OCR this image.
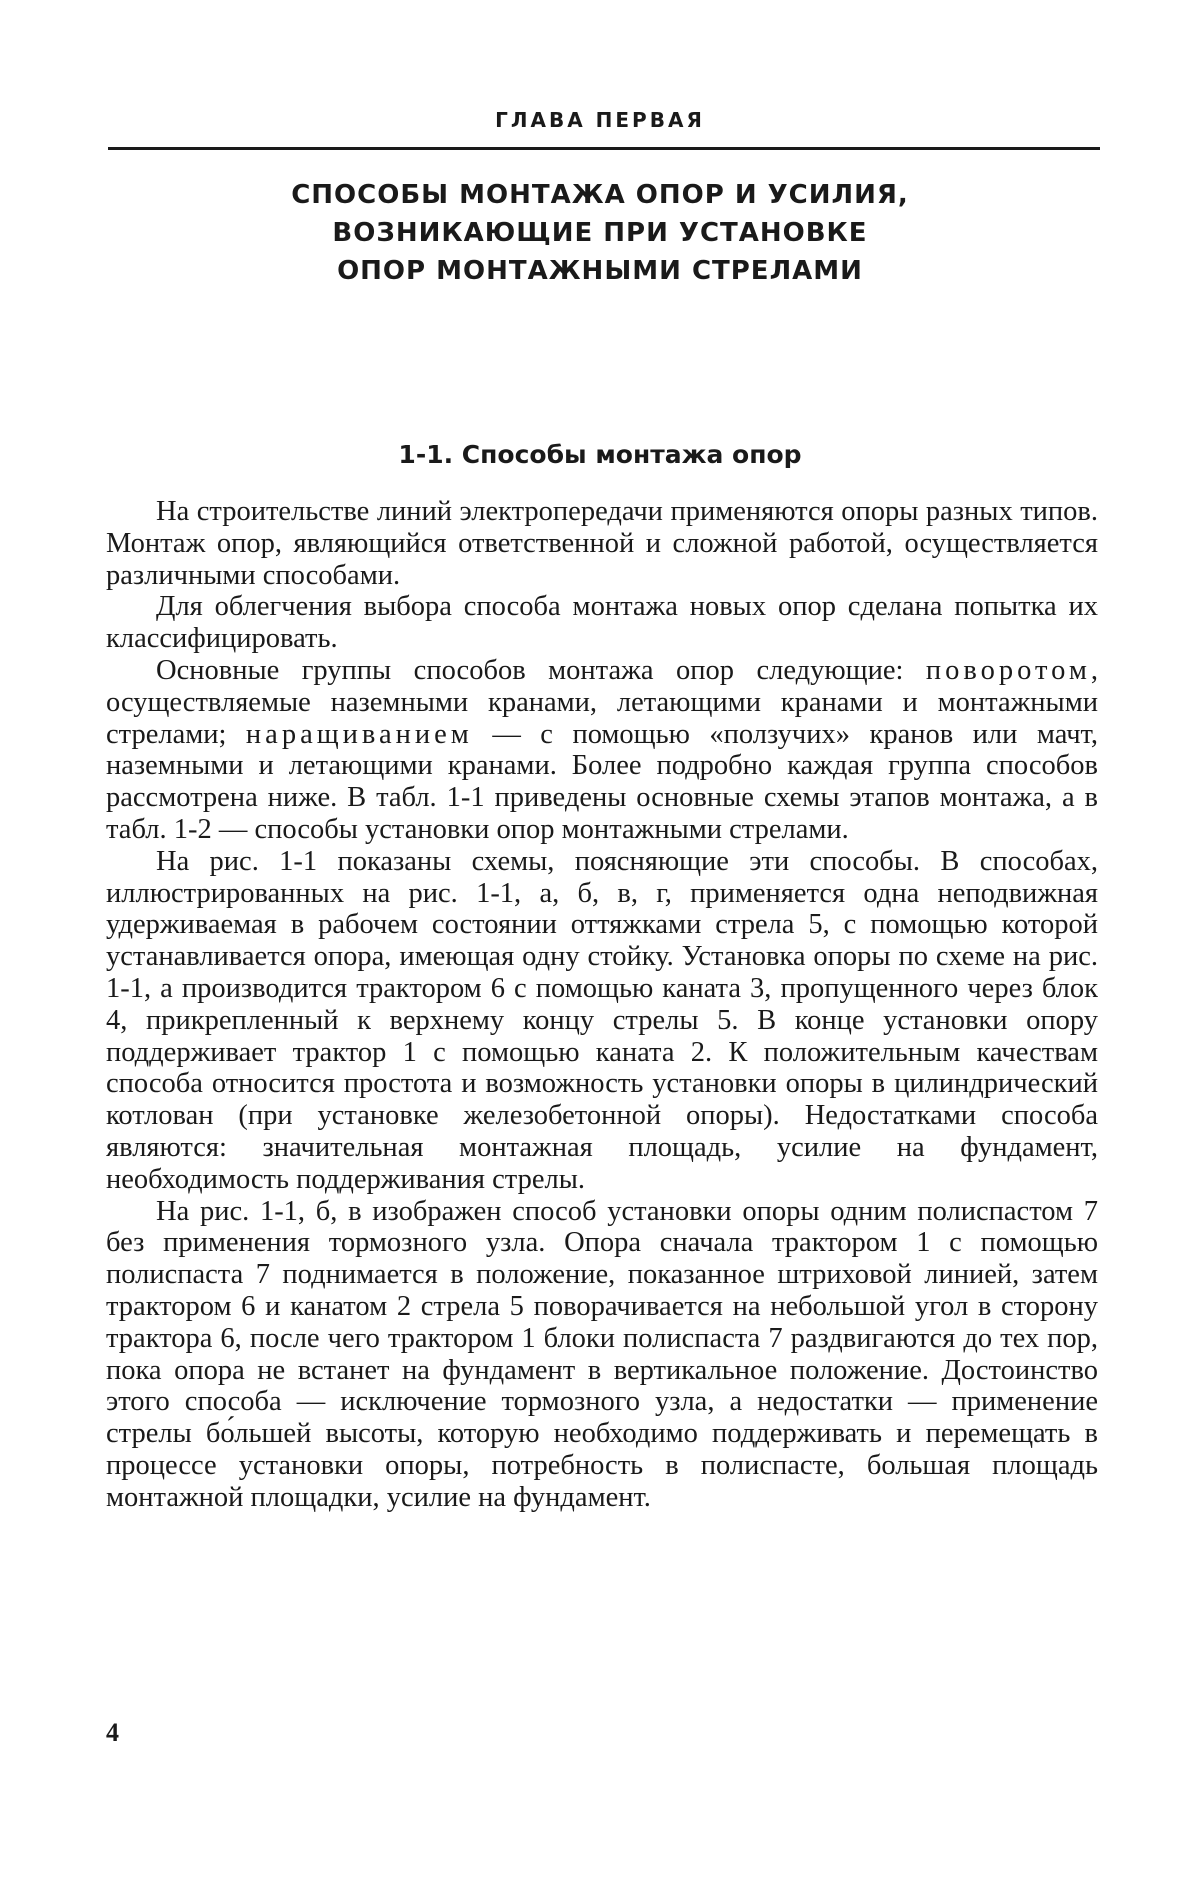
ГЛАВА ПЕРВАЯ
СПОСОБЫ МОНТАЖА ОПОР И УСИЛИЯ,
ВОЗНИКАЮЩИЕ ПРИ УСТАНОВКЕ
ОПОР МОНТАЖНЫМИ СТРЕЛАМИ
1-1. Способы монтажа опор

На строительстве линий электропередачи применяются опоры разных типов. Монтаж опор, являющийся ответственной и сложной работой, осуществляется различными способами.

Для облегчения выбора способа монтажа новых опор сделана попытка их классифицировать.

Основные группы способов монтажа опор следующие: поворотом, осуществляемые наземными кранами, летающими кранами и монтажными стрелами; наращиванием — с помощью «ползучих» кранов или мачт, наземными и летающими кранами. Более подробно каждая группа способов рассмотрена ниже. В табл. 1-1 приведены основные схемы этапов монтажа, а в табл. 1-2 — способы установки опор монтажными стрелами.

На рис. 1-1 показаны схемы, поясняющие эти способы. В способах, иллюстрированных на рис. 1-1, а, б, в, г, применяется одна неподвижная удерживаемая в рабочем состоянии оттяжками стрела 5, с помощью которой устанавливается опора, имеющая одну стойку. Установка опоры по схеме на рис. 1-1, а производится трактором 6 с помощью каната 3, пропущенного через блок 4, прикрепленный к верхнему концу стрелы 5. В конце установки опору поддерживает трактор 1 с помощью каната 2. К положительным качествам способа относится простота и возможность установки опоры в цилиндрический котлован (при установке железобетонной опоры). Недостатками способа являются: значительная монтажная площадь, усилие на фундамент, необходимость поддерживания стрелы.

На рис. 1-1, б, в изображен способ установки опоры одним полиспастом 7 без применения тормозного узла. Опора сначала трактором 1 с помощью полиспаста 7 поднимается в положение, показанное штриховой линией, затем трактором 6 и канатом 2 стрела 5 поворачивается на небольшой угол в сторону трактора 6, после чего трактором 1 блоки полиспаста 7 раздвигаются до тех пор, пока опора не встанет на фундамент в вертикальное положение. Достоинство этого способа — исключение тормозного узла, а недостатки — применение стрелы бо́льшей высоты, которую необходимо поддерживать и перемещать в процессе установки опоры, потребность в полиспасте, большая площадь монтажной площадки, усилие на фундамент.

4
